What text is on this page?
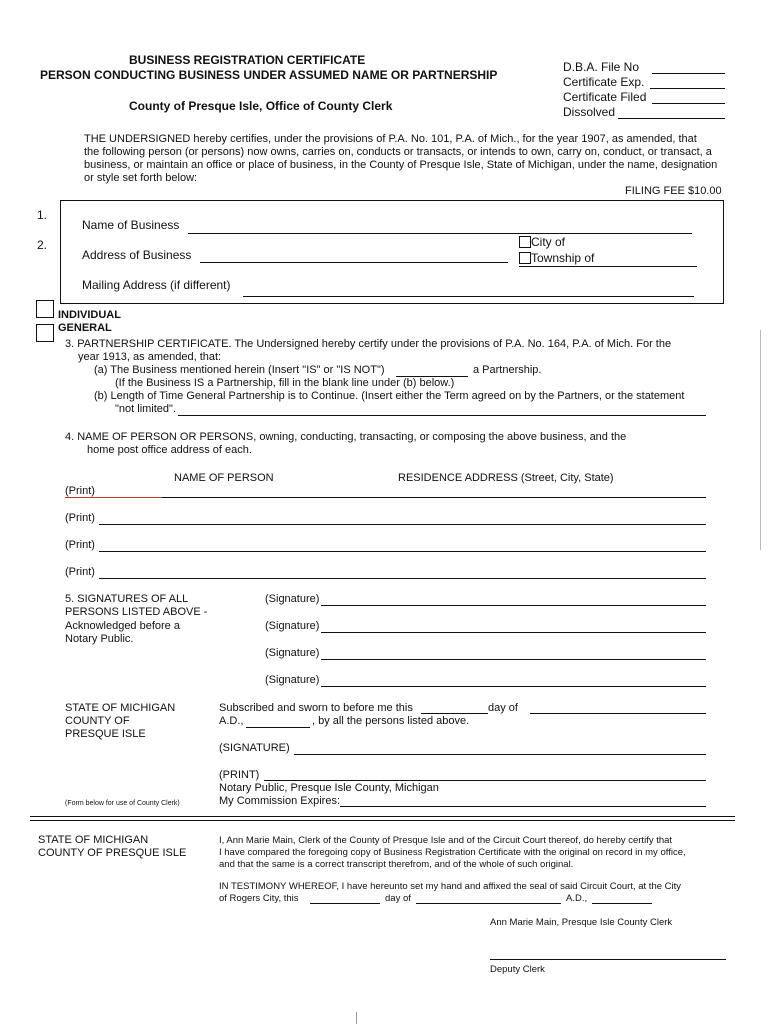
BUSINESS REGISTRATION CERTIFICATE
PERSON CONDUCTING BUSINESS UNDER ASSUMED NAME OR PARTNERSHIP
County of Presque Isle, Office of County Clerk
D.B.A. File No
Certificate Exp.
Certificate Filed
Dissolved
THE UNDERSIGNED hereby certifies, under the provisions of P.A. No. 101, P.A. of Mich., for the year 1907, as amended, that
the following person (or persons) now owns, carries on, conducts or transacts, or intends to own, carry on, conduct, or transact, a
business, or maintain an office or place of business, in the County of Presque Isle, State of Michigan, under the name, designation
or style set forth below:
FILING FEE $10.00
1.
2.
Name of Business
Address of Business
City of
Township of
Mailing Address (if different)
INDIVIDUAL
GENERAL
3. PARTNERSHIP CERTIFICATE. The Undersigned hereby certify under the provisions of P.A. No. 164, P.A. of Mich. For the
year 1913, as amended, that:
(a) The Business mentioned herein (Insert "IS" or "IS NOT")	a Partnership.
(If the Business IS a Partnership, fill in the blank line under (b) below.)
(b) Length of Time General Partnership is to Continue. (Insert either the Term agreed on by the Partners, or the statement
"not limited".
4. NAME OF PERSON OR PERSONS, owning, conducting, transacting, or composing the above business, and the
home post office address of each.
NAME OF PERSON	RESIDENCE ADDRESS (Street, City, State)
(Print)
(Print)
(Print)
(Print)
5. SIGNATURES OF ALL
PERSONS LISTED ABOVE -
Acknowledged before a
Notary Public.
(Signature)
(Signature)
(Signature)
(Signature)
STATE OF MICHIGAN
COUNTY OF
PRESQUE ISLE
Subscribed and sworn to before me this	day of
A.D.,	, by all the persons listed above.
(SIGNATURE)
(PRINT)
Notary Public, Presque Isle County, Michigan
My Commission Expires:
(Form below for use of County Clerk)
STATE OF MICHIGAN
COUNTY OF PRESQUE ISLE
I, Ann Marie Main, Clerk of the County of Presque Isle and of the Circuit Court thereof, do hereby certify that
I have compared the foregoing copy of Business Registration Certificate with the original on record in my office,
and that the same is a correct transcript therefrom, and of the whole of such original.
IN TESTIMONY WHEREOF, I have hereunto set my hand and affixed the seal of said Circuit Court, at the City
of Rogers City, this	day of	A.D.,
Ann Marie Main, Presque Isle County Clerk
Deputy Clerk
